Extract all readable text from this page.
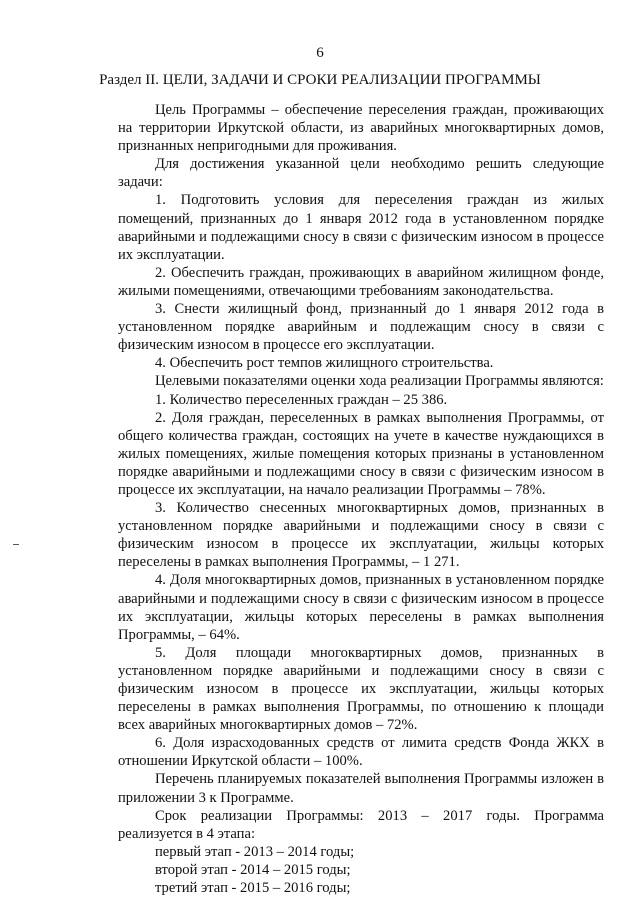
6
Раздел II. ЦЕЛИ, ЗАДАЧИ И СРОКИ РЕАЛИЗАЦИИ ПРОГРАММЫ

Цель Программы – обеспечение переселения граждан, проживающих на территории Иркутской области, из аварийных многоквартирных домов, признанных непригодными для проживания.

Для достижения указанной цели необходимо решить следующие задачи:

1. Подготовить условия для переселения граждан из жилых помещений, признанных до 1 января 2012 года в установленном порядке аварийными и подлежащими сносу в связи с физическим износом в процессе их эксплуатации.

2. Обеспечить граждан, проживающих в аварийном жилищном фонде, жилыми помещениями, отвечающими требованиям законодательства.

3. Снести жилищный фонд, признанный до 1 января 2012 года в установленном порядке аварийным и подлежащим сносу в связи с физическим износом в процессе его эксплуатации.

4. Обеспечить рост темпов жилищного строительства.

Целевыми показателями оценки хода реализации Программы являются:

1. Количество переселенных граждан – 25 386.

2. Доля граждан, переселенных в рамках выполнения Программы, от общего количества граждан, состоящих на учете в качестве нуждающихся в жилых помещениях, жилые помещения которых признаны в установленном порядке аварийными и подлежащими сносу в связи с физическим износом в процессе их эксплуатации, на начало реализации Программы – 78%.

3. Количество снесенных многоквартирных домов, признанных в установленном порядке аварийными и подлежащими сносу в связи с физическим износом в процессе их эксплуатации, жильцы которых переселены в рамках выполнения Программы, – 1 271.

4. Доля многоквартирных домов, признанных в установленном порядке аварийными и подлежащими сносу в связи с физическим износом в процессе их эксплуатации, жильцы которых переселены в рамках выполнения Программы, – 64%.

5. Доля площади многоквартирных домов, признанных в установленном порядке аварийными и подлежащими сносу в связи с физическим износом в процессе их эксплуатации, жильцы которых переселены в рамках выполнения Программы, по отношению к площади всех аварийных многоквартирных домов – 72%.

6. Доля израсходованных средств от лимита средств Фонда ЖКХ в отношении Иркутской области – 100%.

Перечень планируемых показателей выполнения Программы изложен в приложении 3 к Программе.

Срок реализации Программы: 2013 – 2017 годы. Программа реализуется в 4 этапа:

первый этап - 2013 – 2014 годы;

второй этап - 2014 – 2015 годы;

третий этап - 2015 – 2016 годы;
